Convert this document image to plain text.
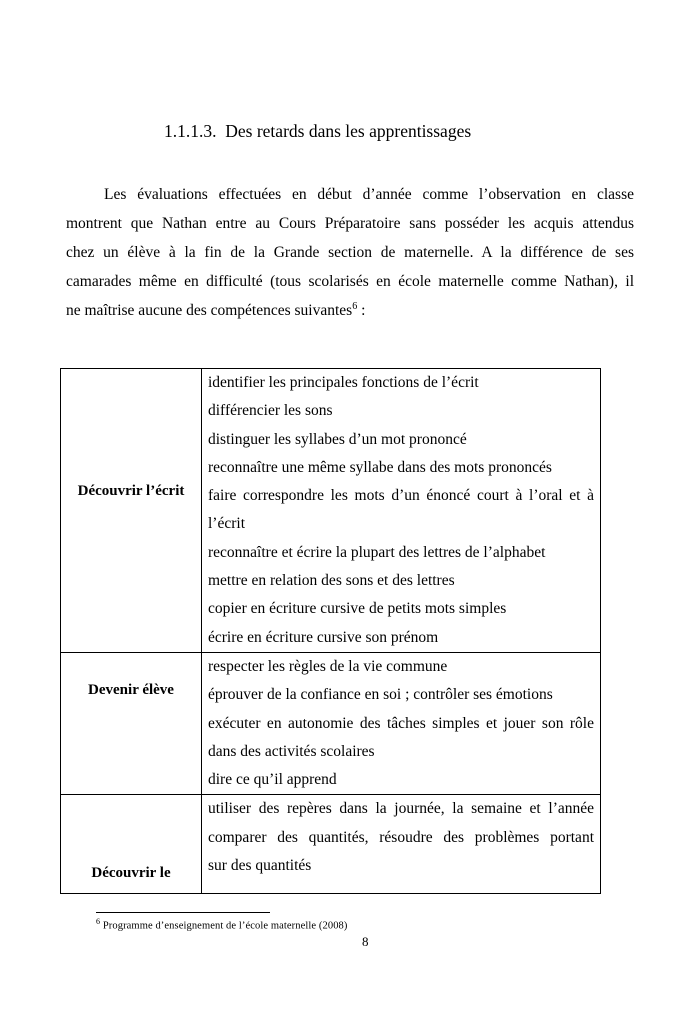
1.1.1.3. Des retards dans les apprentissages
Les évaluations effectuées en début d’année comme l’observation en classe
montrent que Nathan entre au Cours Préparatoire sans posséder les acquis attendus
chez un élève à la fin de la Grande section de maternelle. A la différence de ses
camarades même en difficulté (tous scolarisés en école maternelle comme Nathan), il
ne maîtrise aucune des compétences suivantes$^6$ :
Découvrir l’écrit
identifier les principales fonctions de l’écrit
différencier les sons
distinguer les syllabes d’un mot prononcé
reconnaître une même syllabe dans des mots prononcés
faire correspondre les mots d’un énoncé court à l’oral et à
l’écrit
reconnaître et écrire la plupart des lettres de l’alphabet
mettre en relation des sons et des lettres
copier en écriture cursive de petits mots simples
écrire en écriture cursive son prénom
Devenir élève
respecter les règles de la vie commune
éprouver de la confiance en soi ; contrôler ses émotions
exécuter en autonomie des tâches simples et jouer son rôle
dans des activités scolaires
dire ce qu’il apprend
Découvrir le
utiliser des repères dans la journée, la semaine et l’année
comparer des quantités, résoudre des problèmes portant
sur des quantités
$^6$ Programme d’enseignement de l’école maternelle (2008)
8
